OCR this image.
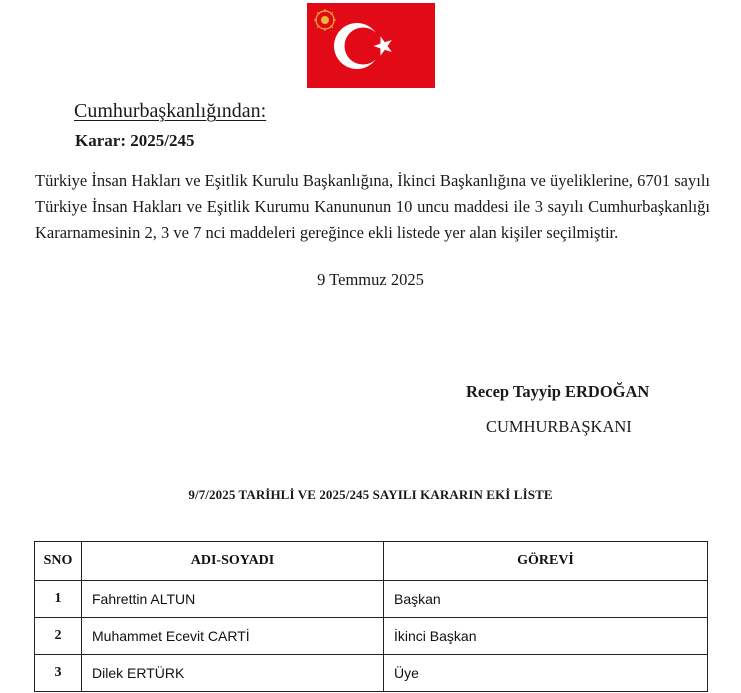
Cumhurbaşkanlığından:
Karar: 2025/245
Türkiye İnsan Hakları ve Eşitlik Kurulu Başkanlığına, İkinci Başkanlığına ve üyeliklerine, 6701 sayılı Türkiye İnsan Hakları ve Eşitlik Kurumu Kanununun 10 uncu maddesi ile 3 sayılı Cumhurbaşkanlığı Kararnamesinin 2, 3 ve 7 nci maddeleri gereğince ekli listede yer alan kişiler seçilmiştir.
9 Temmuz 2025
Recep Tayyip ERDOĞAN
CUMHURBAŞKANI
9/7/2025 TARİHLİ VE 2025/245 SAYILI KARARIN EKİ LİSTE
SNO	ADI-SOYADI	GÖREVİ
1	Fahrettin ALTUN	Başkan
2	Muhammet Ecevit CARTİ	İkinci Başkan
3	Dilek ERTÜRK	Üye
